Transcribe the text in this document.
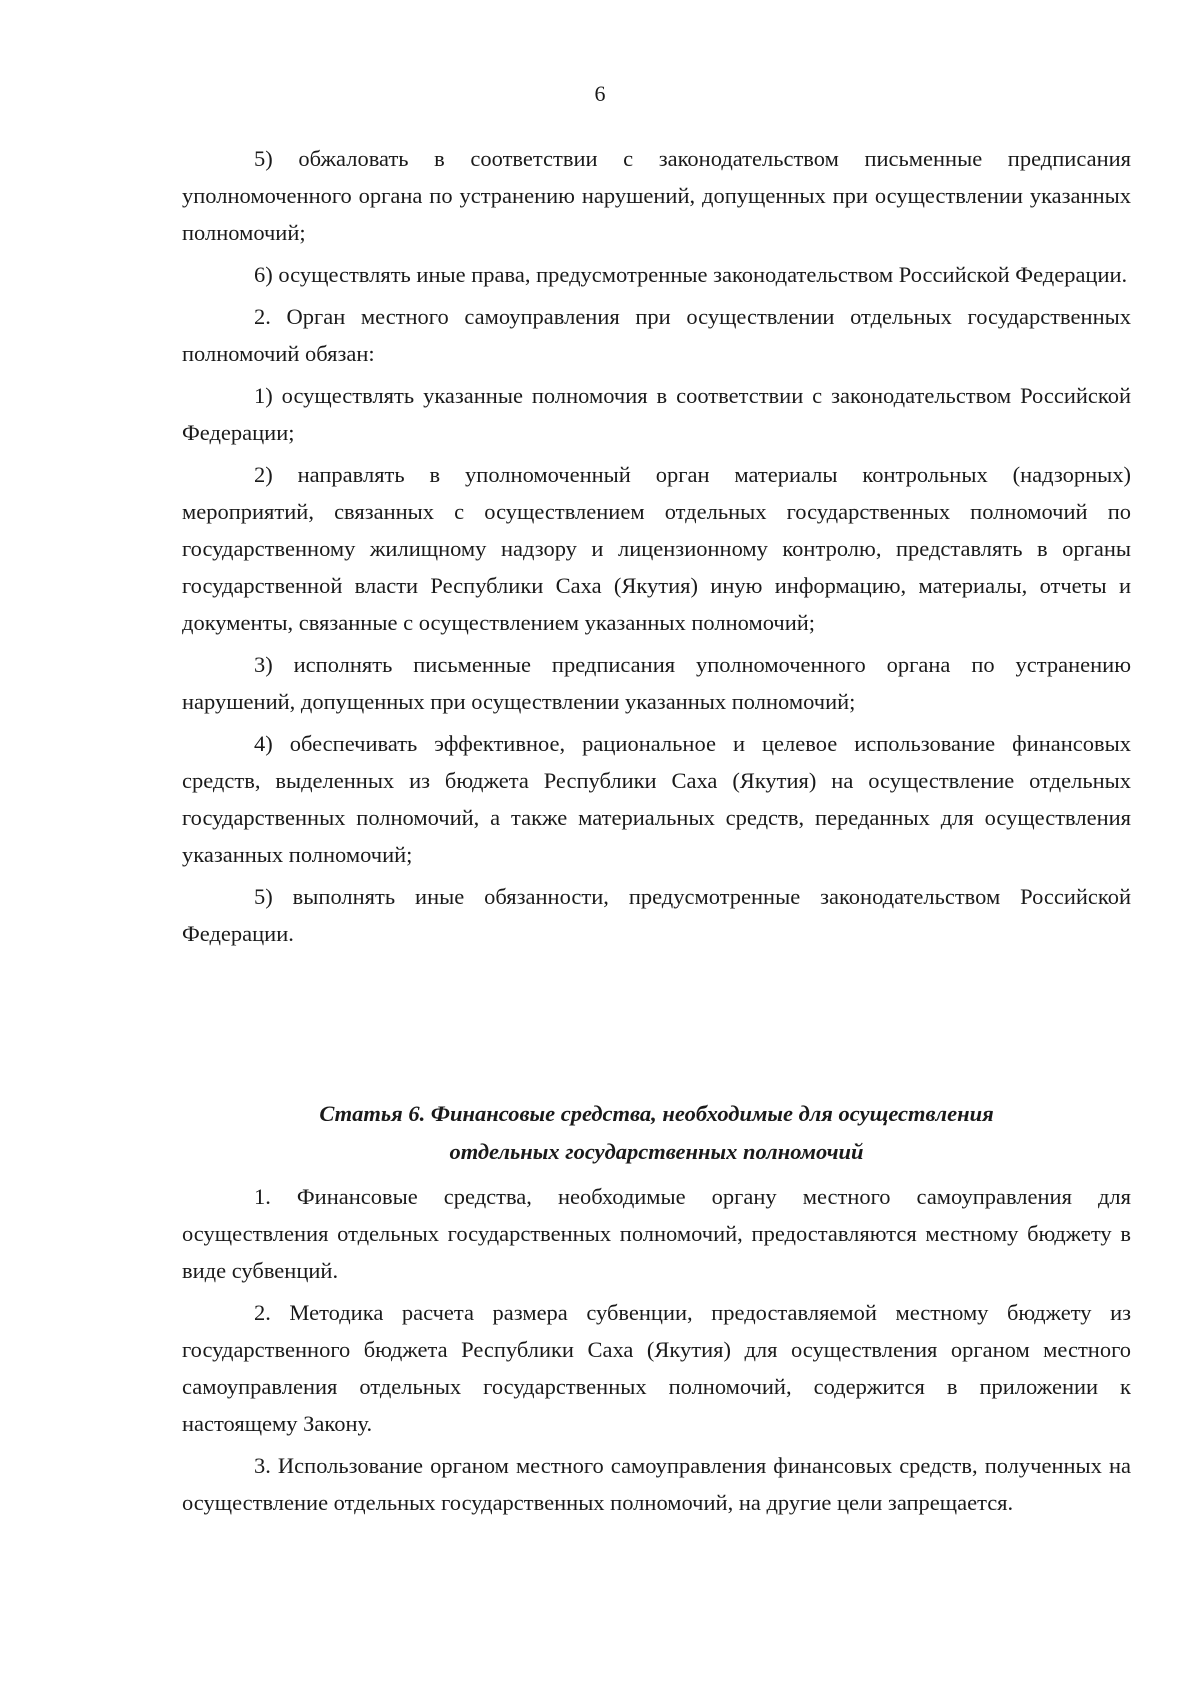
6

5) обжаловать в соответствии с законодательством письменные предписания уполномоченного органа по устранению нарушений, допущенных при осуществлении указанных полномочий;

6) осуществлять иные права, предусмотренные законодательством Российской Федерации.

2. Орган местного самоуправления при осуществлении отдельных государственных полномочий обязан:

1) осуществлять указанные полномочия в соответствии с законодательством Российской Федерации;

2) направлять в уполномоченный орган материалы контрольных (надзорных) мероприятий, связанных с осуществлением отдельных государственных полномочий по государственному жилищному надзору и лицензионному контролю, представлять в органы государственной власти Республики Саха (Якутия) иную информацию, материалы, отчеты и документы, связанные с осуществлением указанных полномочий;

3) исполнять письменные предписания уполномоченного органа по устранению нарушений, допущенных при осуществлении указанных полномочий;

4) обеспечивать эффективное, рациональное и целевое использование финансовых средств, выделенных из бюджета Республики Саха (Якутия) на осуществление отдельных государственных полномочий, а также материальных средств, переданных для осуществления указанных полномочий;

5) выполнять иные обязанности, предусмотренные законодательством Российской Федерации.

Статья 6. Финансовые средства, необходимые для осуществления
отдельных государственных полномочий

1. Финансовые средства, необходимые органу местного самоуправления для осуществления отдельных государственных полномочий, предоставляются местному бюджету в виде субвенций.

2. Методика расчета размера субвенции, предоставляемой местному бюджету из государственного бюджета Республики Саха (Якутия) для осуществления органом местного самоуправления отдельных государственных полномочий, содержится в приложении к настоящему Закону.

3. Использование органом местного самоуправления финансовых средств, полученных на осуществление отдельных государственных полномочий, на другие цели запрещается.
